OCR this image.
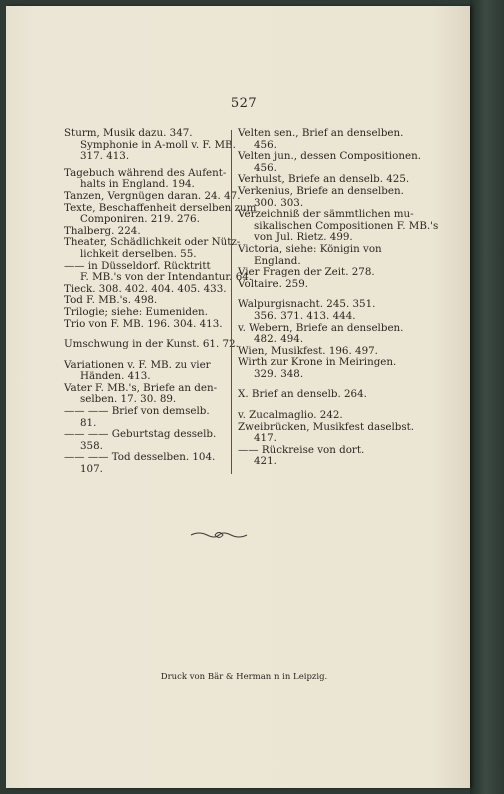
527
Sturm, Musik dazu. 347.
Symphonie in A-moll v. F. MB.
317. 413.
Tagebuch während des Aufent-
halts in England. 194.
Tanzen, Vergnügen daran. 24. 47.
Texte, Beschaffenheit derselben zum
Componiren. 219. 276.
Thalberg. 224.
Theater, Schädlichkeit oder Nütz-
lichkeit derselben. 55.
—— in Düsseldorf. Rücktritt
F. MB.'s von der Intendantur. 64.
Tieck. 308. 402. 404. 405. 433.
Tod F. MB.'s. 498.
Trilogie; siehe: Eumeniden.
Trio von F. MB. 196. 304. 413.
Umschwung in der Kunst. 61. 72.
Variationen v. F. MB. zu vier
Händen. 413.
Vater F. MB.'s, Briefe an den-
selben. 17. 30. 89.
—— —— Brief von demselb.
81.
—— —— Geburtstag desselb.
358.
—— —— Tod desselben. 104.
107.
Velten sen., Brief an denselben.
456.
Velten jun., dessen Compositionen.
456.
Verhulst, Briefe an denselb. 425.
Verkenius, Briefe an denselben.
300. 303.
Verzeichniß der sämmtlichen mu-
sikalischen Compositionen F. MB.'s
von Jul. Rietz. 499.
Victoria, siehe: Königin von
England.
Vier Fragen der Zeit. 278.
Voltaire. 259.
Walpurgisnacht. 245. 351.
356. 371. 413. 444.
v. Webern, Briefe an denselben.
482. 494.
Wien, Musikfest. 196. 497.
Wirth zur Krone in Meiringen.
329. 348.
X. Brief an denselb. 264.
v. Zucalmaglio. 242.
Zweibrücken, Musikfest daselbst.
417.
—— Rückreise von dort.
421.
Druck von Bär & Herman n in Leipzig.
